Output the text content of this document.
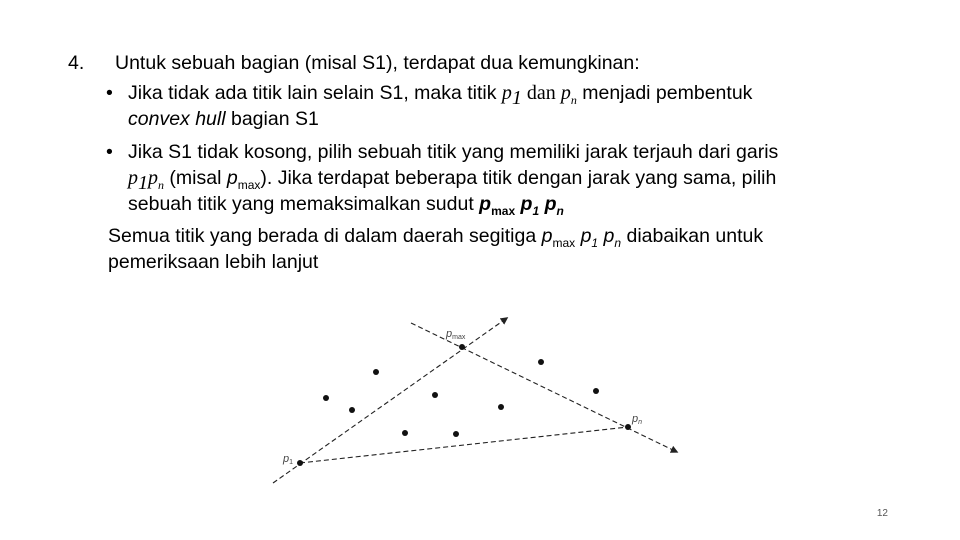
4. Untuk sebuah bagian (misal S1), terdapat dua kemungkinan:
• Jika tidak ada titik lain selain S1, maka titik $p_1$ dan $p_n$ menjadi pembentuk
convex hull bagian S1
• Jika S1 tidak kosong, pilih sebuah titik yang memiliki jarak terjauh dari garis
$p_1p_n$ (misal $p_{max}$). Jika terdapat beberapa titik dengan jarak yang sama, pilih
sebuah titik yang memaksimalkan sudut $p_{max}$ $p_1$ $p_n$
Semua titik yang berada di dalam daerah segitiga $p_{max}$ $p_1$ $p_n$ diabaikan untuk
pemeriksaan lebih lanjut
pmax
p1
pn
12
